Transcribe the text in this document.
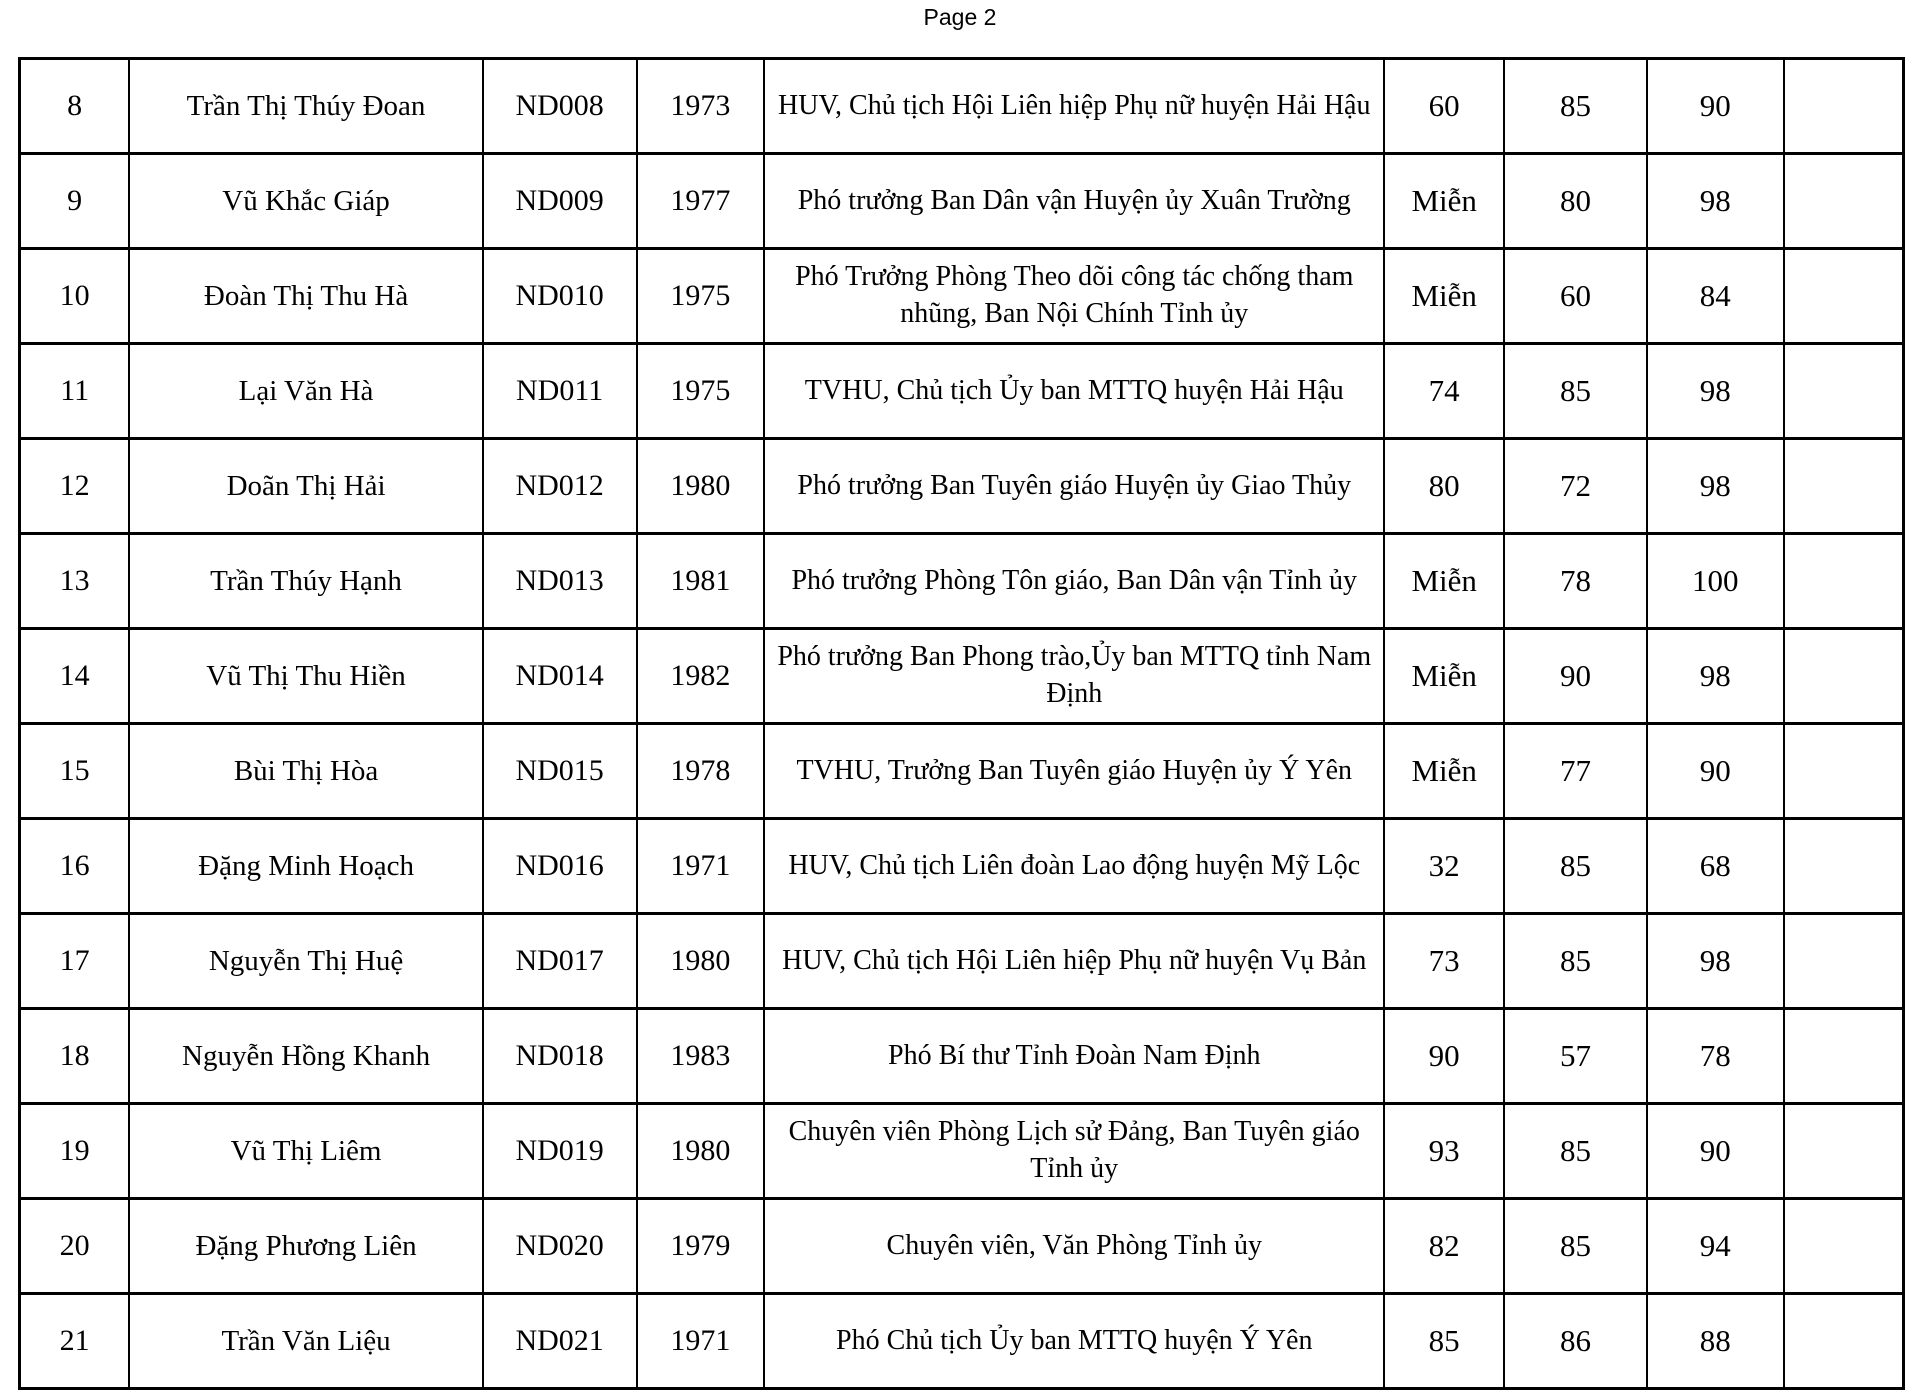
Page 2
8	Trần Thị Thúy Đoan	ND008	1973	HUV, Chủ tịch Hội Liên hiệp Phụ nữ huyện Hải Hậu	60	85	90	
9	Vũ Khắc Giáp	ND009	1977	Phó trưởng Ban Dân vận Huyện ủy Xuân Trường	Miễn	80	98	
10	Đoàn Thị Thu Hà	ND010	1975	Phó Trưởng Phòng Theo dõi công tác chống tham nhũng, Ban Nội Chính Tỉnh ủy	Miễn	60	84	
11	Lại Văn Hà	ND011	1975	TVHU, Chủ tịch Ủy ban MTTQ huyện Hải Hậu	74	85	98	
12	Doãn Thị Hải	ND012	1980	Phó trưởng Ban Tuyên giáo Huyện ủy Giao Thủy	80	72	98	
13	Trần Thúy Hạnh	ND013	1981	Phó trưởng Phòng Tôn giáo, Ban Dân vận Tỉnh ủy	Miễn	78	100	
14	Vũ Thị Thu Hiền	ND014	1982	Phó trưởng Ban Phong trào,Ủy ban MTTQ tỉnh Nam Định	Miễn	90	98	
15	Bùi Thị Hòa	ND015	1978	TVHU, Trưởng Ban Tuyên giáo Huyện ủy Ý Yên	Miễn	77	90	
16	Đặng Minh Hoạch	ND016	1971	HUV, Chủ tịch Liên đoàn Lao động huyện Mỹ Lộc	32	85	68	
17	Nguyễn Thị Huệ	ND017	1980	HUV, Chủ tịch Hội Liên hiệp Phụ nữ huyện Vụ Bản	73	85	98	
18	Nguyễn Hồng Khanh	ND018	1983	Phó Bí thư Tỉnh Đoàn Nam Định	90	57	78	
19	Vũ Thị Liêm	ND019	1980	Chuyên viên Phòng Lịch sử Đảng, Ban Tuyên giáo Tỉnh ủy	93	85	90	
20	Đặng Phương Liên	ND020	1979	Chuyên viên, Văn Phòng Tỉnh ủy	82	85	94	
21	Trần Văn Liệu	ND021	1971	Phó Chủ tịch Ủy ban MTTQ huyện Ý Yên	85	86	88	
